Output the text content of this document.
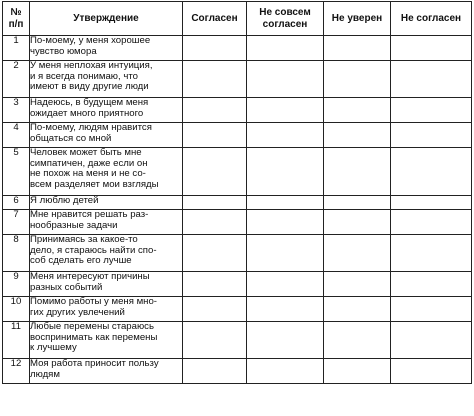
№
п/п	Утверждение	Согласен	Не совсем
согласен	Не уверен	Не согласен
1	По-моему, у меня хорошее
чувство юмора				
2	У меня неплохая интуиция,
и я всегда понимаю, что
имеют в виду другие люди				
3	Надеюсь, в будущем меня
ожидает много приятного				
4	По-моему, людям нравится
общаться со мной				
5	Человек может быть мне
симпатичен, даже если он
не похож на меня и не со-
всем разделяет мои взгляды				
6	Я люблю детей				
7	Мне нравится решать раз-
нообразные задачи				
8	Принимаясь за какое-то
дело, я стараюсь найти спо-
соб сделать его лучше				
9	Меня интересуют причины
разных событий				
10	Помимо работы у меня мно-
гих других увлечений				
11	Любые перемены стараюсь
воспринимать как перемены
к лучшему				
12	Моя работа приносит пользу
людям				
